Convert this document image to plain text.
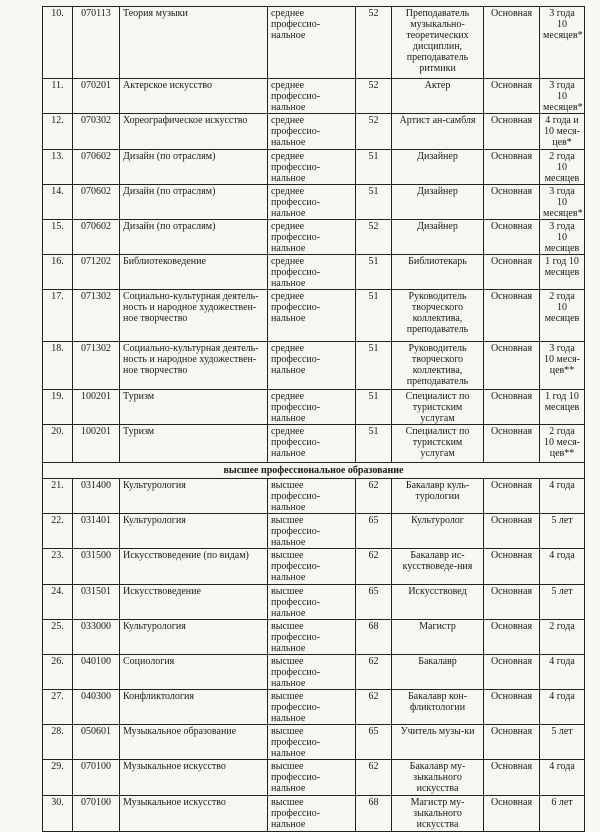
10.	070113	Теория музыки	среднее профессио-нальное	52	Преподаватель музыкально-теоретических дисциплин, преподаватель ритмики	Основная	3 года 10 месяцев*
11.	070201	Актерское искусство	среднее профессио-нальное	52	Актер	Основная	3 года 10 месяцев*
12.	070302	Хореографическое искусство	среднее профессио-нальное	52	Артист ан-самбля	Основная	4 года и 10 меся-цев*
13.	070602	Дизайн (по отраслям)	среднее профессио-нальное	51	Дизайнер	Основная	2 года 10 месяцев
14.	070602	Дизайн (по отраслям)	среднее профессио-нальное	51	Дизайнер	Основная	3 года 10 месяцев*
15.	070602	Дизайн (по отраслям)	среднее профессио-нальное	52	Дизайнер	Основная	3 года 10 месяцев
16.	071202	Библиотековедение	среднее профессио-нальное	51	Библиотекарь	Основная	1 год 10 месяцев
17.	071302	Социально-культурная деятель-ность и народное художествен-ное творчество	среднее профессио-нальное	51	Руководитель творческого коллектива, преподаватель	Основная	2 года 10 месяцев
18.	071302	Социально-культурная деятель-ность и народное художествен-ное творчество	среднее профессио-нальное	51	Руководитель творческого коллектива, преподаватель	Основная	3 года 10 меся-цев**
19.	100201	Туризм	среднее профессио-нальное	51	Специалист по туристским услугам	Основная	1 год 10 месяцев
20.	100201	Туризм	среднее профессио-нальное	51	Специалист по туристским услугам	Основная	2 года 10 меся-цев**
высшее профессиональное образование							
21.	031400	Культурология	высшее профессио-нальное	62	Бакалавр куль-турологии	Основная	4 года
22.	031401	Культурология	высшее профессио-нальное	65	Культуролог	Основная	5 лет
23.	031500	Искусствоведение (по видам)	высшее профессио-нальное	62	Бакалавр ис-кусствоведе-ния	Основная	4 года
24.	031501	Искусствоведение	высшее профессио-нальное	65	Искусствовед	Основная	5 лет
25.	033000	Культурология	высшее профессио-нальное	68	Магистр	Основная	2 года
26.	040100	Социология	высшее профессио-нальное	62	Бакалавр	Основная	4 года
27.	040300	Конфликтология	высшее профессио-нальное	62	Бакалавр кон-фликтологии	Основная	4 года
28.	050601	Музыкальное образование	высшее профессио-нальное	65	Учитель музы-ки	Основная	5 лет
29.	070100	Музыкальное искусство	высшее профессио-нальное	62	Бакалавр му-зыкального искусства	Основная	4 года
30.	070100	Музыкальное искусство	высшее профессио-нальное	68	Магистр му-зыкального искусства	Основная	6 лет
